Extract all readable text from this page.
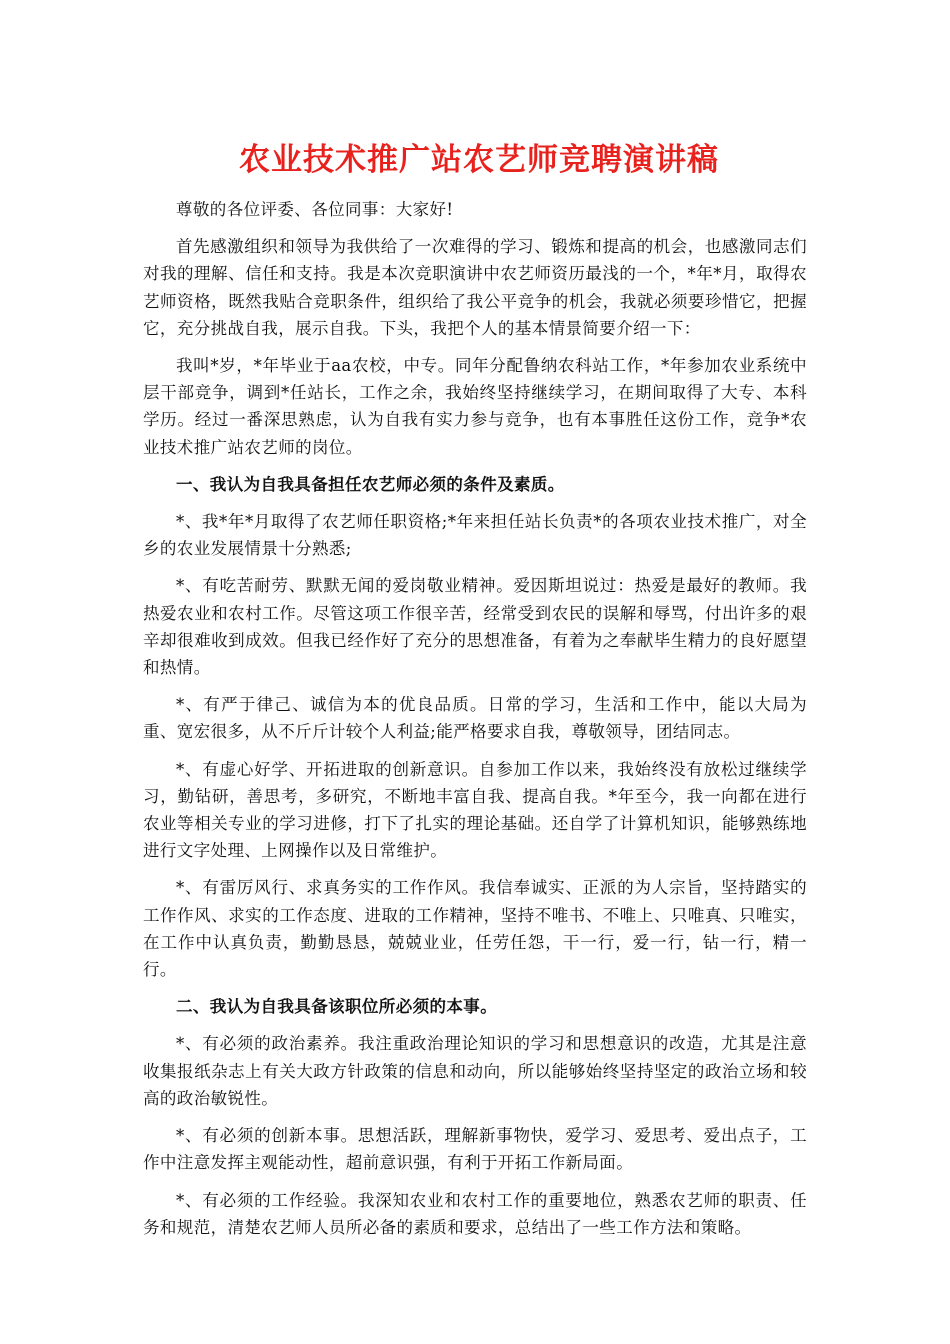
农业技术推广站农艺师竞聘演讲稿

尊敬的各位评委、各位同事：大家好!

首先感激组织和领导为我供给了一次难得的学习、锻炼和提高的机会，也感激同志们对我的理解、信任和支持。我是本次竞职演讲中农艺师资历最浅的一个，*年*月，取得农艺师资格，既然我贴合竞职条件，组织给了我公平竞争的机会，我就必须要珍惜它，把握它，充分挑战自我，展示自我。下头，我把个人的基本情景简要介绍一下：

我叫*岁，*年毕业于aa农校，中专。同年分配鲁纳农科站工作，*年参加农业系统中层干部竞争，调到*任站长，工作之余，我始终坚持继续学习，在期间取得了大专、本科学历。经过一番深思熟虑，认为自我有实力参与竞争，也有本事胜任这份工作，竞争*农业技术推广站农艺师的岗位。

一、我认为自我具备担任农艺师必须的条件及素质。

*、我*年*月取得了农艺师任职资格;*年来担任站长负责*的各项农业技术推广，对全乡的农业发展情景十分熟悉;

*、有吃苦耐劳、默默无闻的爱岗敬业精神。爱因斯坦说过：热爱是最好的教师。我热爱农业和农村工作。尽管这项工作很辛苦，经常受到农民的误解和辱骂，付出许多的艰辛却很难收到成效。但我已经作好了充分的思想准备，有着为之奉献毕生精力的良好愿望和热情。

*、有严于律己、诚信为本的优良品质。日常的学习，生活和工作中，能以大局为重、宽宏很多，从不斤斤计较个人利益;能严格要求自我，尊敬领导，团结同志。

*、有虚心好学、开拓进取的创新意识。自参加工作以来，我始终没有放松过继续学习，勤钻研，善思考，多研究，不断地丰富自我、提高自我。*年至今，我一向都在进行农业等相关专业的学习进修，打下了扎实的理论基础。还自学了计算机知识，能够熟练地进行文字处理、上网操作以及日常维护。

*、有雷厉风行、求真务实的工作作风。我信奉诚实、正派的为人宗旨，坚持踏实的工作作风、求实的工作态度、进取的工作精神，坚持不唯书、不唯上、只唯真、只唯实，在工作中认真负责，勤勤恳恳，兢兢业业，任劳任怨，干一行，爱一行，钻一行，精一行。

二、我认为自我具备该职位所必须的本事。

*、有必须的政治素养。我注重政治理论知识的学习和思想意识的改造，尤其是注意收集报纸杂志上有关大政方针政策的信息和动向，所以能够始终坚持坚定的政治立场和较高的政治敏锐性。

*、有必须的创新本事。思想活跃，理解新事物快，爱学习、爱思考、爱出点子，工作中注意发挥主观能动性，超前意识强，有利于开拓工作新局面。

*、有必须的工作经验。我深知农业和农村工作的重要地位，熟悉农艺师的职责、任务和规范，清楚农艺师人员所必备的素质和要求，总结出了一些工作方法和策略。
